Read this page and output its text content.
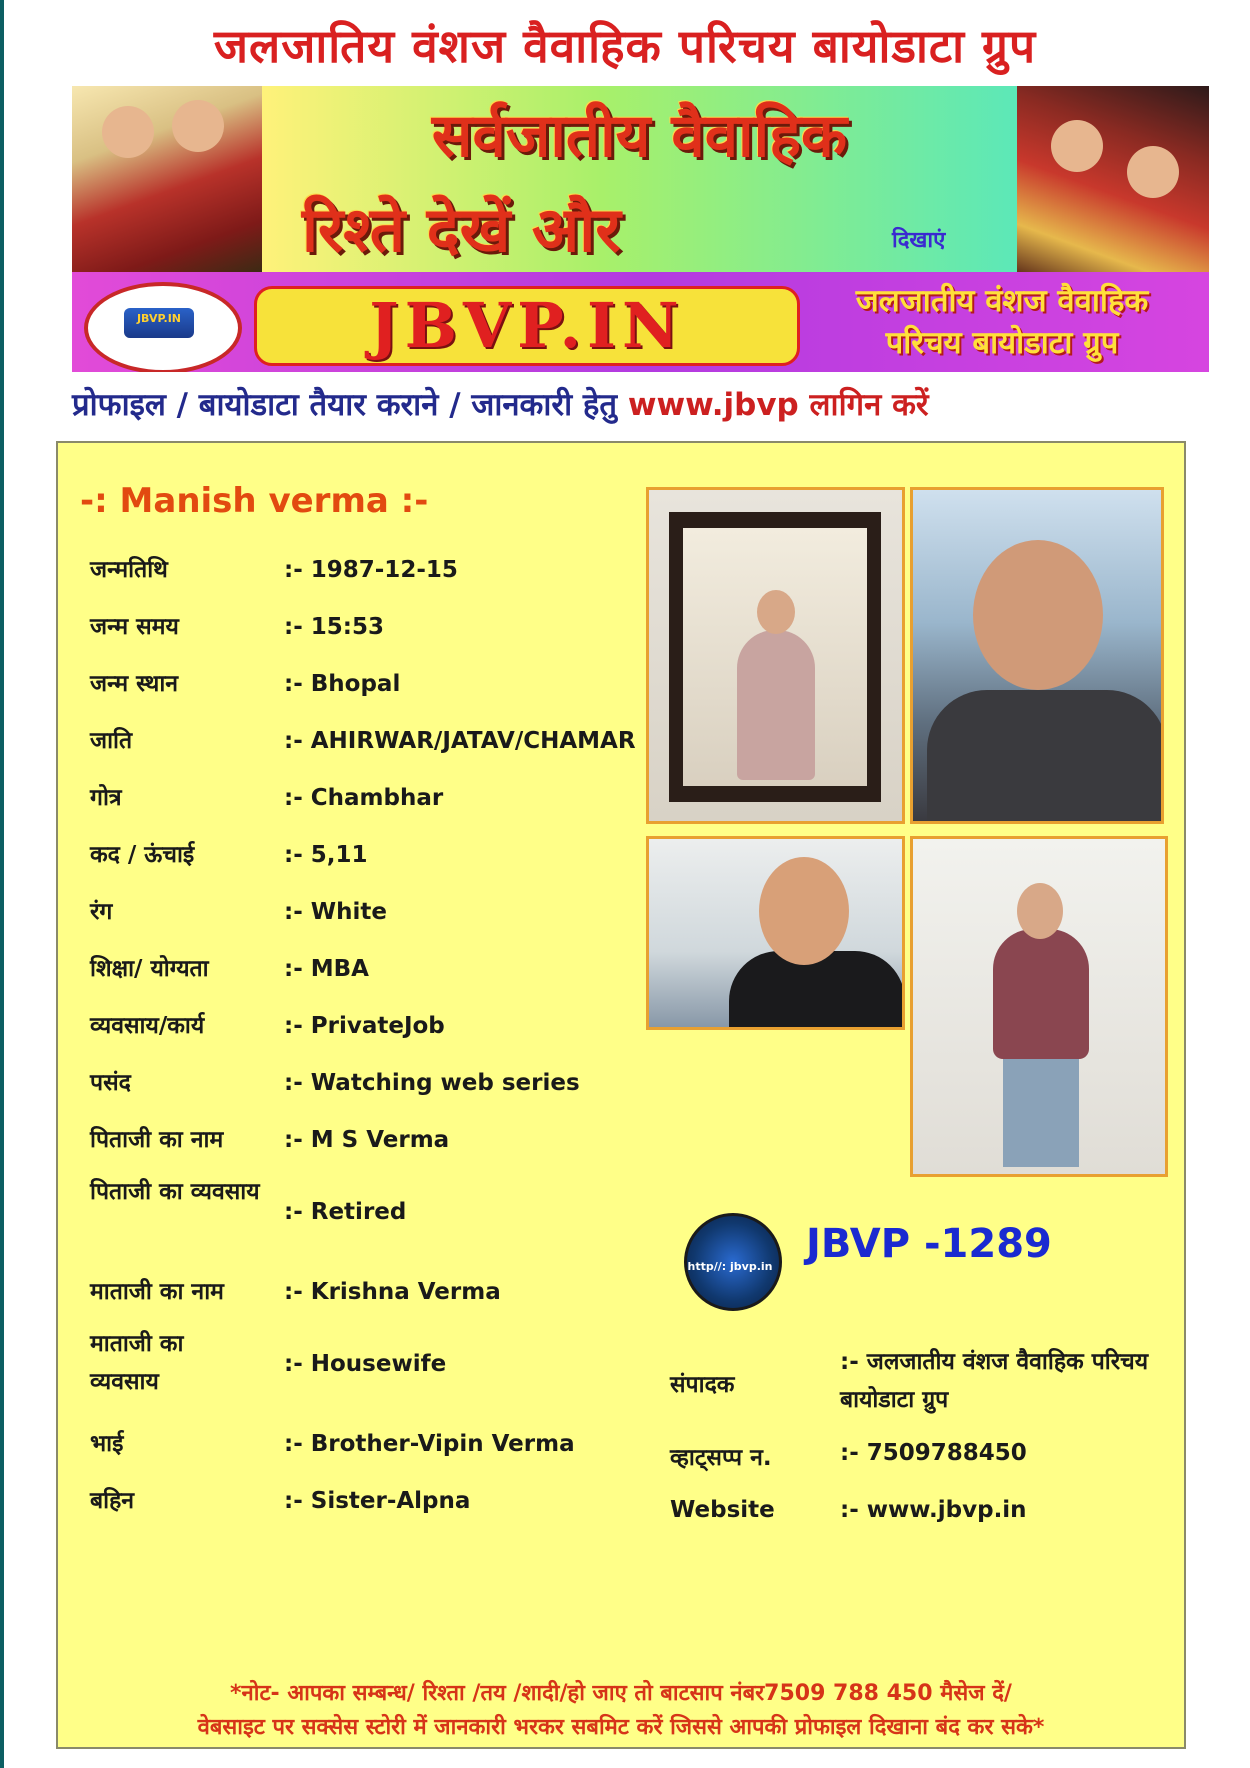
जलजातिय वंशज वैवाहिक परिचय बायोडाटा ग्रुप
सर्वजातीय वैवाहिक
रिश्ते देखें और	दिखाएं
JBVP.IN	JBVP.IN	जलजातीय वंशज वैवाहिक
परिचय बायोडाटा ग्रुप
प्रोफाइल / बायोडाटा तैयार कराने / जानकारी हेतु www.jbvp लागिन करें
-: Manish verma :-
जन्मतिथि	:- 1987-12-15
जन्म समय	:- 15:53
जन्म स्थान	:- Bhopal
जाति	:- AHIRWAR/JATAV/CHAMAR
गोत्र	:- Chambhar
कद / ऊंचाई	:- 5,11
रंग	:- White
शिक्षा/ योग्यता	:- MBA
व्यवसाय/कार्य	:- PrivateJob
पसंद	:- Watching web series
पिताजी का नाम	:- M S Verma
पिताजी का व्यवसाय
:- Retired
माताजी का नाम	:- Krishna Verma
माताजी का व्यवसाय
:- Housewife
भाई	:- Brother-Vipin Verma
बहिन	:- Sister-Alpna
http//: jbvp.in JBVP -1289
संपादक
:- जलजातीय वंशज वैवाहिक परिचय बायोडाटा ग्रुप
व्हाट्सप्प न.	:- 7509788450
Website	:- www.jbvp.in
*नोट- आपका सम्बन्ध/ रिश्ता /तय /शादी/हो जाए तो बाटसाप नंबर7509 788 450 मैसेज दें/
वेबसाइट पर सक्सेस स्टोरी में जानकारी भरकर सबमिट करें जिससे आपकी प्रोफाइल दिखाना बंद कर सके*
